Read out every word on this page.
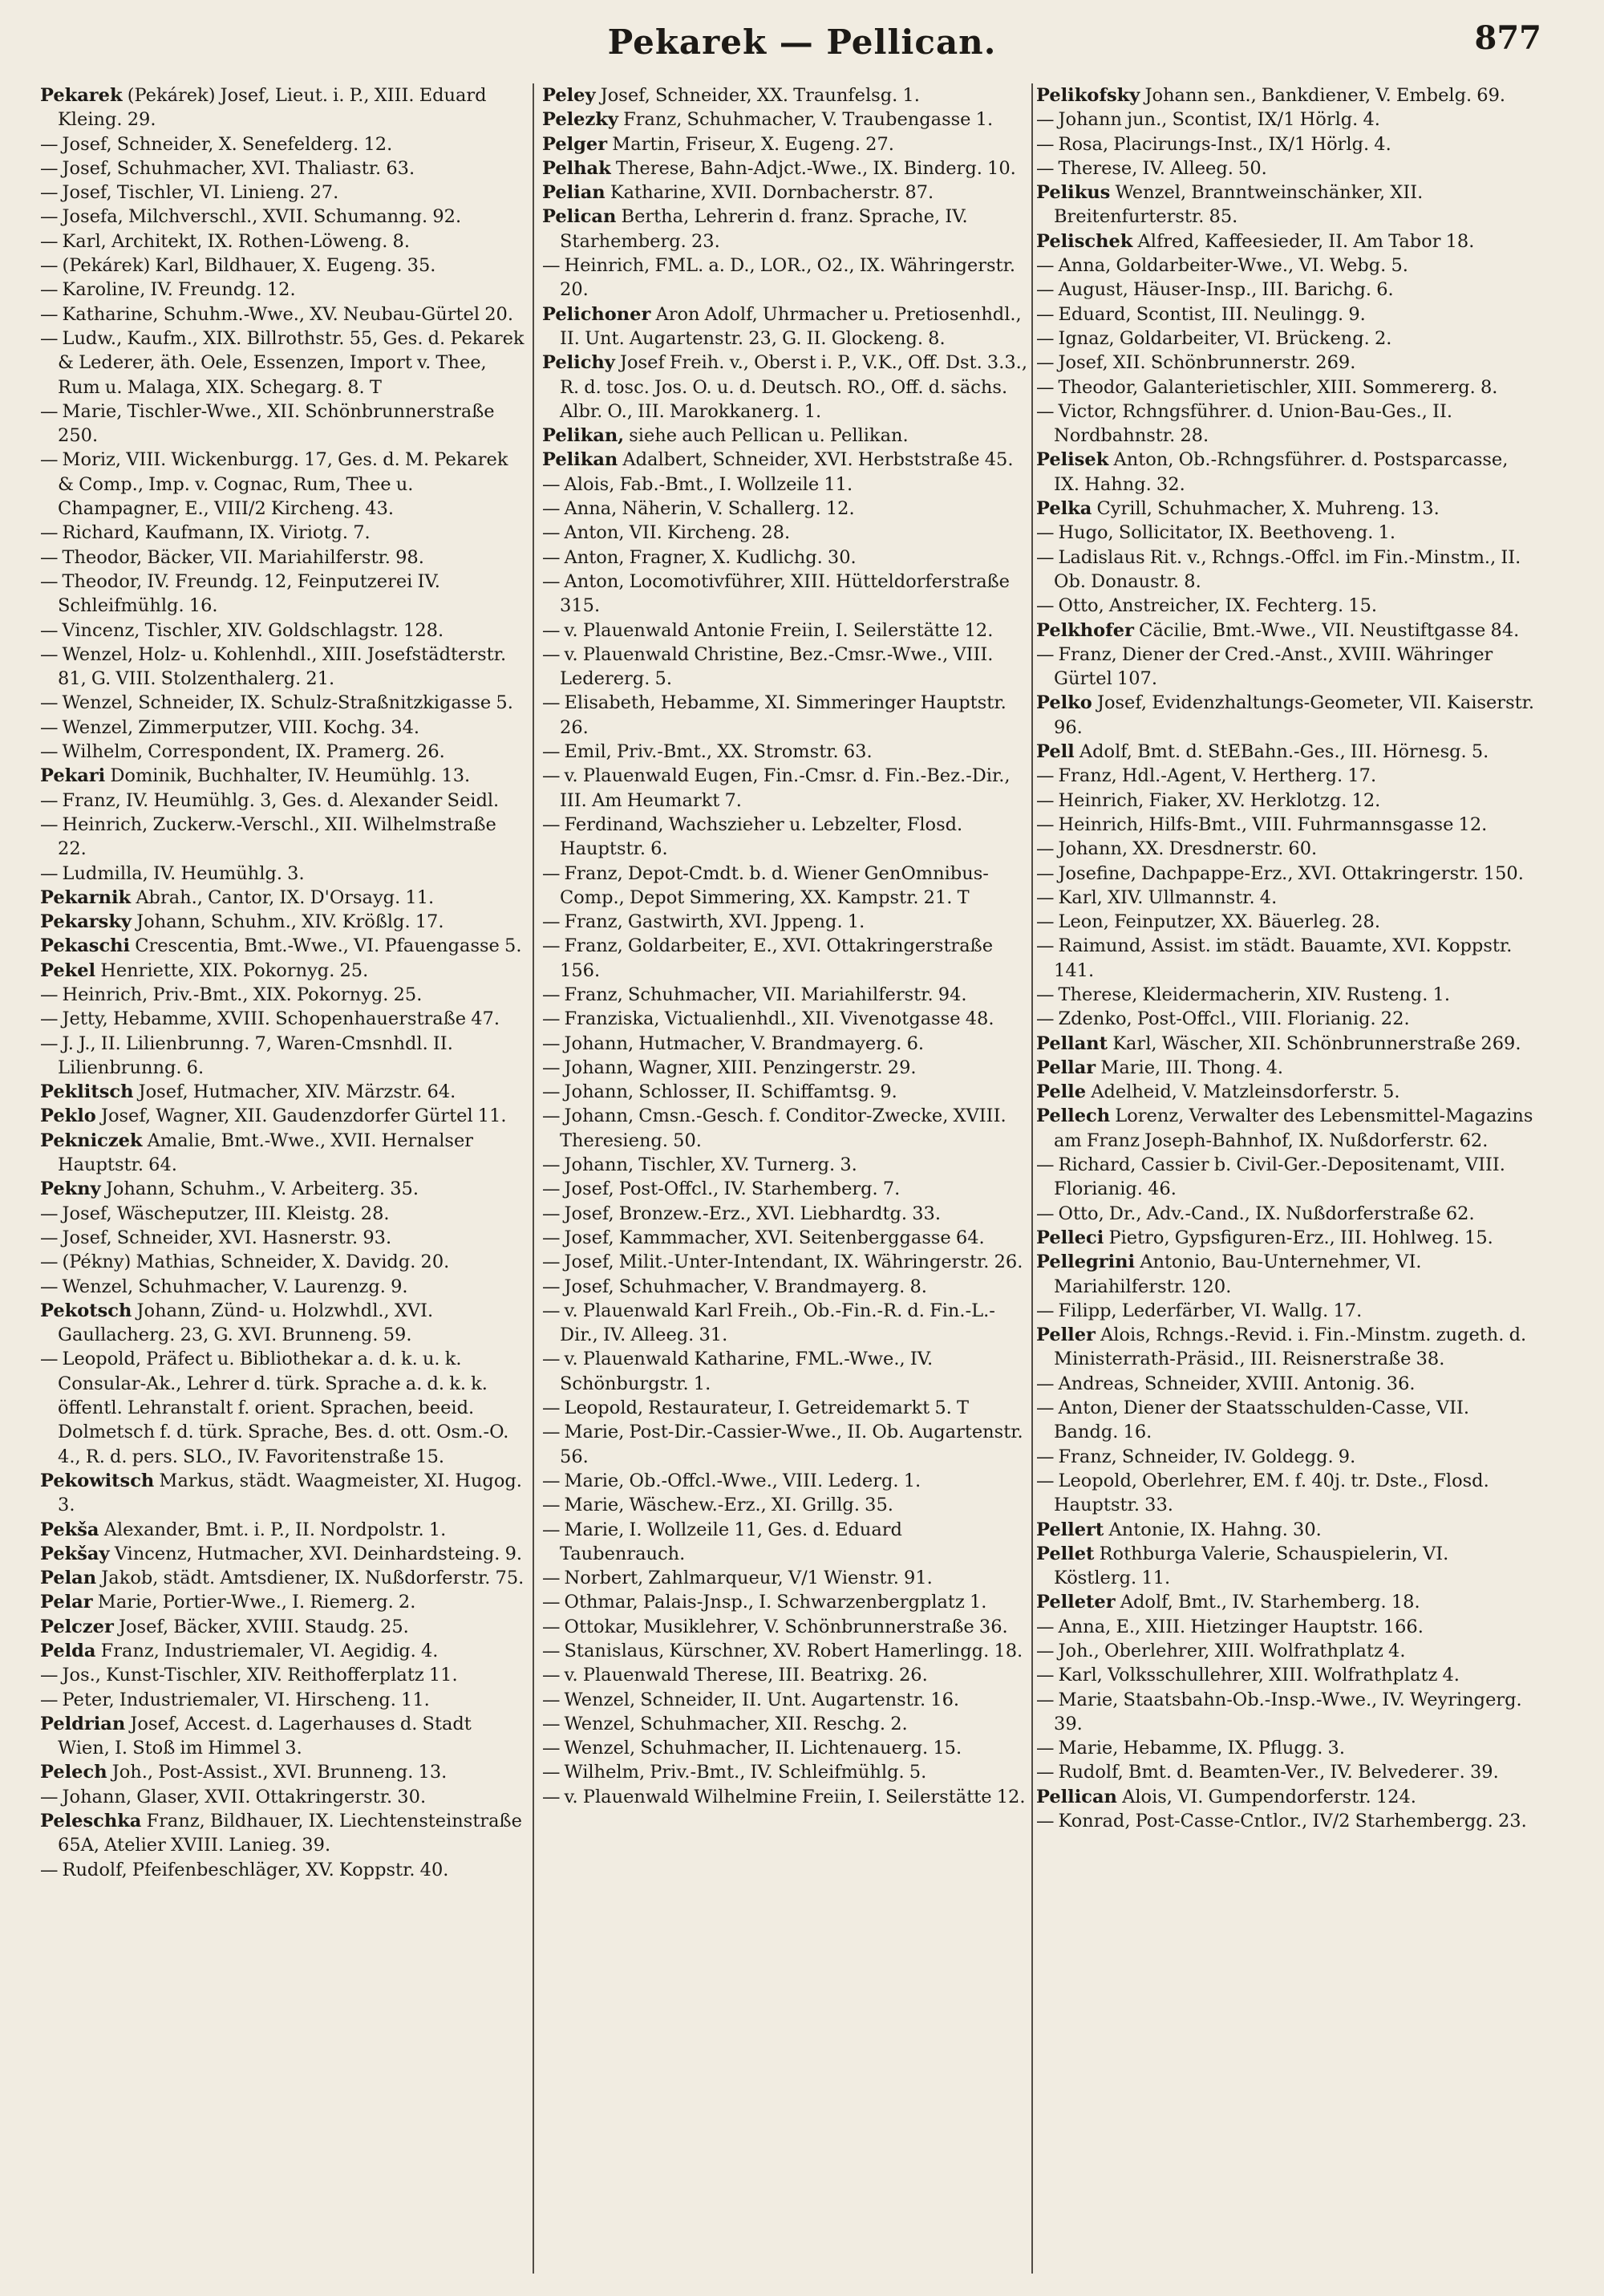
Pekarek — Pellican.	877

Pekarek (Pekárek) Josef, Lieut. i. P., XIII. Eduard Kleing. 29.

— Josef, Schneider, X. Senefelderg. 12.

— Josef, Schuhmacher, XVI. Thaliastr. 63.

— Josef, Tischler, VI. Linieng. 27.

— Josefa, Milchverschl., XVII. Schumanng. 92.

— Karl, Architekt, IX. Rothen-Löweng. 8.

— (Pekárek) Karl, Bildhauer, X. Eugeng. 35.

— Karoline, IV. Freundg. 12.

— Katharine, Schuhm.-Wwe., XV. Neubau-Gürtel 20.

— Ludw., Kaufm., XIX. Billrothstr. 55, Ges. d. Pekarek & Lederer, äth. Oele, Essenzen, Import v. Thee, Rum u. Malaga, XIX. Schegarg. 8. T

— Marie, Tischler-Wwe., XII. Schönbrunnerstraße 250.

— Moriz, VIII. Wickenburgg. 17, Ges. d. M. Pekarek & Comp., Imp. v. Cognac, Rum, Thee u. Champagner, E., VIII/2 Kircheng. 43.

— Richard, Kaufmann, IX. Viriotg. 7.

— Theodor, Bäcker, VII. Mariahilferstr. 98.

— Theodor, IV. Freundg. 12, Feinputzerei IV. Schleifmühlg. 16.

— Vincenz, Tischler, XIV. Goldschlagstr. 128.

— Wenzel, Holz- u. Kohlenhdl., XIII. Josefstädterstr. 81, G. VIII. Stolzenthalerg. 21.

— Wenzel, Schneider, IX. Schulz-Straßnitzkigasse 5.

— Wenzel, Zimmerputzer, VIII. Kochg. 34.

— Wilhelm, Correspondent, IX. Pramerg. 26.

Pekari Dominik, Buchhalter, IV. Heumühlg. 13.

— Franz, IV. Heumühlg. 3, Ges. d. Alexander Seidl.

— Heinrich, Zuckerw.-Verschl., XII. Wilhelmstraße 22.

— Ludmilla, IV. Heumühlg. 3.

Pekarnik Abrah., Cantor, IX. D'Orsayg. 11.

Pekarsky Johann, Schuhm., XIV. Krößlg. 17.

Pekaschi Crescentia, Bmt.-Wwe., VI. Pfauengasse 5.

Pekel Henriette, XIX. Pokornyg. 25.

— Heinrich, Priv.-Bmt., XIX. Pokornyg. 25.

— Jetty, Hebamme, XVIII. Schopenhauerstraße 47.

— J. J., II. Lilienbrunng. 7, Waren-Cmsnhdl. II. Lilienbrunng. 6.

Peklitsch Josef, Hutmacher, XIV. Märzstr. 64.

Peklo Josef, Wagner, XII. Gaudenzdorfer Gürtel 11.

Pekniczek Amalie, Bmt.-Wwe., XVII. Hernalser Hauptstr. 64.

Pekny Johann, Schuhm., V. Arbeiterg. 35.

— Josef, Wäscheputzer, III. Kleistg. 28.

— Josef, Schneider, XVI. Hasnerstr. 93.

— (Pékny) Mathias, Schneider, X. Davidg. 20.

— Wenzel, Schuhmacher, V. Laurenzg. 9.

Pekotsch Johann, Zünd- u. Holzwhdl., XVI. Gaullacherg. 23, G. XVI. Brunneng. 59.

— Leopold, Präfect u. Bibliothekar a. d. k. u. k. Consular-Ak., Lehrer d. türk. Sprache a. d. k. k. öffentl. Lehranstalt f. orient. Sprachen, beeid. Dolmetsch f. d. türk. Sprache, Bes. d. ott. Osm.-O. 4., R. d. pers. SLO., IV. Favoritenstraße 15.

Pekowitsch Markus, städt. Waagmeister, XI. Hugog. 3.

Pekša Alexander, Bmt. i. P., II. Nordpolstr. 1.

Pekšay Vincenz, Hutmacher, XVI. Deinhardsteing. 9.

Pelan Jakob, städt. Amtsdiener, IX. Nußdorferstr. 75.

Pelar Marie, Portier-Wwe., I. Riemerg. 2.

Pelczer Josef, Bäcker, XVIII. Staudg. 25.

Pelda Franz, Industriemaler, VI. Aegidig. 4.

— Jos., Kunst-Tischler, XIV. Reithofferplatz 11.

— Peter, Industriemaler, VI. Hirscheng. 11.

Peldrian Josef, Accest. d. Lagerhauses d. Stadt Wien, I. Stoß im Himmel 3.

Pelech Joh., Post-Assist., XVI. Brunneng. 13.

— Johann, Glaser, XVII. Ottakringerstr. 30.

Peleschka Franz, Bildhauer, IX. Liechtensteinstraße 65A, Atelier XVIII. Lanieg. 39.

— Rudolf, Pfeifenbeschläger, XV. Koppstr. 40.

Peley Josef, Schneider, XX. Traunfelsg. 1.

Pelezky Franz, Schuhmacher, V. Traubengasse 1.

Pelger Martin, Friseur, X. Eugeng. 27.

Pelhak Therese, Bahn-Adjct.-Wwe., IX. Binderg. 10.

Pelian Katharine, XVII. Dornbacherstr. 87.

Pelican Bertha, Lehrerin d. franz. Sprache, IV. Starhemberg. 23.

— Heinrich, FML. a. D., LOR., O2., IX. Währingerstr. 20.

Pelichoner Aron Adolf, Uhrmacher u. Pretiosenhdl., II. Unt. Augartenstr. 23, G. II. Glockeng. 8.

Pelichy Josef Freih. v., Oberst i. P., V.K., Off. Dst. 3.3., R. d. tosc. Jos. O. u. d. Deutsch. RO., Off. d. sächs. Albr. O., III. Marokkanerg. 1.

Pelikan, siehe auch Pellican u. Pellikan.

Pelikan Adalbert, Schneider, XVI. Herbststraße 45.

— Alois, Fab.-Bmt., I. Wollzeile 11.

— Anna, Näherin, V. Schallerg. 12.

— Anton, VII. Kircheng. 28.

— Anton, Fragner, X. Kudlichg. 30.

— Anton, Locomotivführer, XIII. Hütteldorferstraße 315.

— v. Plauenwald Antonie Freiin, I. Seilerstätte 12.

— v. Plauenwald Christine, Bez.-Cmsr.-Wwe., VIII. Ledererg. 5.

— Elisabeth, Hebamme, XI. Simmeringer Hauptstr. 26.

— Emil, Priv.-Bmt., XX. Stromstr. 63.

— v. Plauenwald Eugen, Fin.-Cmsr. d. Fin.-Bez.-Dir., III. Am Heumarkt 7.

— Ferdinand, Wachszieher u. Lebzelter, Flosd. Hauptstr. 6.

— Franz, Depot-Cmdt. b. d. Wiener GenOmnibus-Comp., Depot Simmering, XX. Kampstr. 21. T

— Franz, Gastwirth, XVI. Jppeng. 1.

— Franz, Goldarbeiter, E., XVI. Ottakringerstraße 156.

— Franz, Schuhmacher, VII. Mariahilferstr. 94.

— Franziska, Victualienhdl., XII. Vivenotgasse 48.

— Johann, Hutmacher, V. Brandmayerg. 6.

— Johann, Wagner, XIII. Penzingerstr. 29.

— Johann, Schlosser, II. Schiffamtsg. 9.

— Johann, Cmsn.-Gesch. f. Conditor-Zwecke, XVIII. Theresieng. 50.

— Johann, Tischler, XV. Turnerg. 3.

— Josef, Post-Offcl., IV. Starhemberg. 7.

— Josef, Bronzew.-Erz., XVI. Liebhardtg. 33.

— Josef, Kammmacher, XVI. Seitenberggasse 64.

— Josef, Milit.-Unter-Intendant, IX. Währingerstr. 26.

— Josef, Schuhmacher, V. Brandmayerg. 8.

— v. Plauenwald Karl Freih., Ob.-Fin.-R. d. Fin.-L.-Dir., IV. Alleeg. 31.

— v. Plauenwald Katharine, FML.-Wwe., IV. Schönburgstr. 1.

— Leopold, Restaurateur, I. Getreidemarkt 5. T

— Marie, Post-Dir.-Cassier-Wwe., II. Ob. Augartenstr. 56.

— Marie, Ob.-Offcl.-Wwe., VIII. Lederg. 1.

— Marie, Wäschew.-Erz., XI. Grillg. 35.

— Marie, I. Wollzeile 11, Ges. d. Eduard Taubenrauch.

— Norbert, Zahlmarqueur, V/1 Wienstr. 91.

— Othmar, Palais-Jnsp., I. Schwarzenbergplatz 1.

— Ottokar, Musiklehrer, V. Schönbrunnerstraße 36.

— Stanislaus, Kürschner, XV. Robert Hamerlingg. 18.

— v. Plauenwald Therese, III. Beatrixg. 26.

— Wenzel, Schneider, II. Unt. Augartenstr. 16.

— Wenzel, Schuhmacher, XII. Reschg. 2.

— Wenzel, Schuhmacher, II. Lichtenauerg. 15.

— Wilhelm, Priv.-Bmt., IV. Schleifmühlg. 5.

— v. Plauenwald Wilhelmine Freiin, I. Seilerstätte 12.

Pelikofsky Johann sen., Bankdiener, V. Embelg. 69.

— Johann jun., Scontist, IX/1 Hörlg. 4.

— Rosa, Placirungs-Inst., IX/1 Hörlg. 4.

— Therese, IV. Alleeg. 50.

Pelikus Wenzel, Branntweinschänker, XII. Breitenfurterstr. 85.

Pelischek Alfred, Kaffeesieder, II. Am Tabor 18.

— Anna, Goldarbeiter-Wwe., VI. Webg. 5.

— August, Häuser-Insp., III. Barichg. 6.

— Eduard, Scontist, III. Neulingg. 9.

— Ignaz, Goldarbeiter, VI. Brückeng. 2.

— Josef, XII. Schönbrunnerstr. 269.

— Theodor, Galanterietischler, XIII. Sommererg. 8.

— Victor, Rchngsführer. d. Union-Bau-Ges., II. Nordbahnstr. 28.

Pelisek Anton, Ob.-Rchngsführer. d. Postsparcasse, IX. Hahng. 32.

Pelka Cyrill, Schuhmacher, X. Muhreng. 13.

— Hugo, Sollicitator, IX. Beethoveng. 1.

— Ladislaus Rit. v., Rchngs.-Offcl. im Fin.-Minstm., II. Ob. Donaustr. 8.

— Otto, Anstreicher, IX. Fechterg. 15.

Pelkhofer Cäcilie, Bmt.-Wwe., VII. Neustiftgasse 84.

— Franz, Diener der Cred.-Anst., XVIII. Währinger Gürtel 107.

Pelko Josef, Evidenzhaltungs-Geometer, VII. Kaiserstr. 96.

Pell Adolf, Bmt. d. StEBahn.-Ges., III. Hörnesg. 5.

— Franz, Hdl.-Agent, V. Hertherg. 17.

— Heinrich, Fiaker, XV. Herklotzg. 12.

— Heinrich, Hilfs-Bmt., VIII. Fuhrmannsgasse 12.

— Johann, XX. Dresdnerstr. 60.

— Josefine, Dachpappe-Erz., XVI. Ottakringerstr. 150.

— Karl, XIV. Ullmannstr. 4.

— Leon, Feinputzer, XX. Bäuerleg. 28.

— Raimund, Assist. im städt. Bauamte, XVI. Koppstr. 141.

— Therese, Kleidermacherin, XIV. Rusteng. 1.

— Zdenko, Post-Offcl., VIII. Florianig. 22.

Pellant Karl, Wäscher, XII. Schönbrunnerstraße 269.

Pellar Marie, III. Thong. 4.

Pelle Adelheid, V. Matzleinsdorferstr. 5.

Pellech Lorenz, Verwalter des Lebensmittel-Magazins am Franz Joseph-Bahnhof, IX. Nußdorferstr. 62.

— Richard, Cassier b. Civil-Ger.-Depositenamt, VIII. Florianig. 46.

— Otto, Dr., Adv.-Cand., IX. Nußdorferstraße 62.

Pelleci Pietro, Gypsfiguren-Erz., III. Hohlweg. 15.

Pellegrini Antonio, Bau-Unternehmer, VI. Mariahilferstr. 120.

— Filipp, Lederfärber, VI. Wallg. 17.

Peller Alois, Rchngs.-Revid. i. Fin.-Minstm. zugeth. d. Ministerrath-Präsid., III. Reisnerstraße 38.

— Andreas, Schneider, XVIII. Antonig. 36.

— Anton, Diener der Staatsschulden-Casse, VII. Bandg. 16.

— Franz, Schneider, IV. Goldegg. 9.

— Leopold, Oberlehrer, EM. f. 40j. tr. Dste., Flosd. Hauptstr. 33.

Pellert Antonie, IX. Hahng. 30.

Pellet Rothburga Valerie, Schauspielerin, VI. Köstlerg. 11.

Pelleter Adolf, Bmt., IV. Starhemberg. 18.

— Anna, E., XIII. Hietzinger Hauptstr. 166.

— Joh., Oberlehrer, XIII. Wolfrathplatz 4.

— Karl, Volksschullehrer, XIII. Wolfrathplatz 4.

— Marie, Staatsbahn-Ob.-Insp.-Wwe., IV. Weyringerg. 39.

— Marie, Hebamme, IX. Pflugg. 3.

— Rudolf, Bmt. d. Beamten-Ver., IV. Belvederег. 39.

Pellican Alois, VI. Gumpendorferstr. 124.

— Konrad, Post-Casse-Cntlor., IV/2 Starhembergg. 23.
